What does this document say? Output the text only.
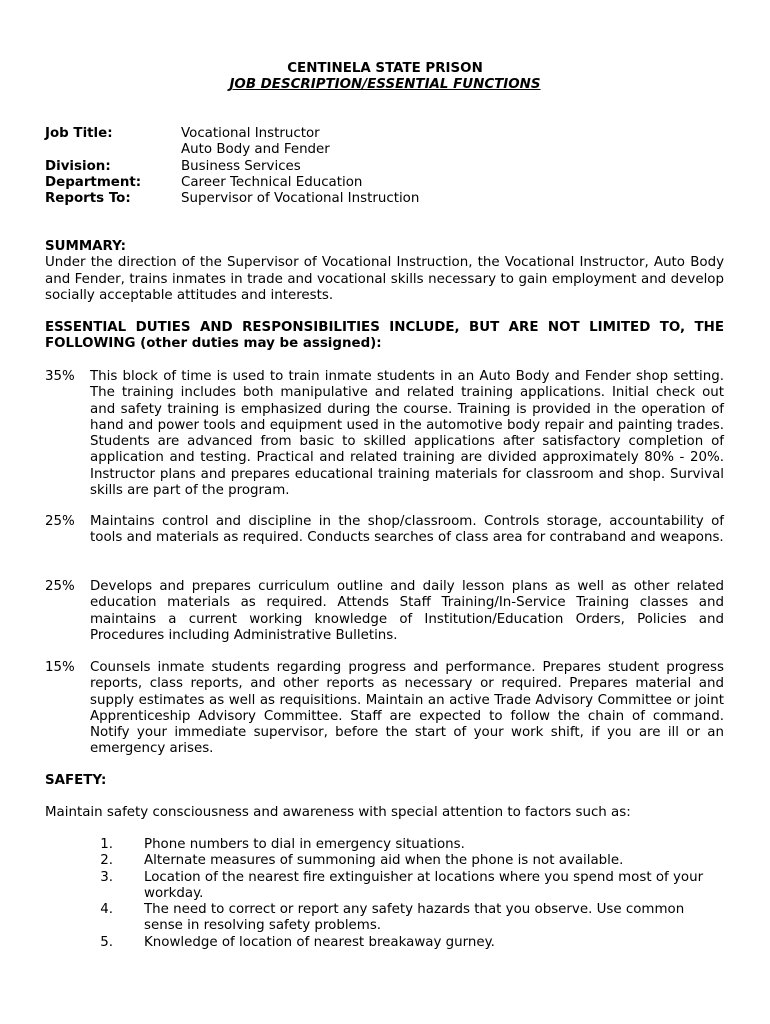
CENTINELA STATE PRISON
JOB DESCRIPTION/ESSENTIAL FUNCTIONS
Job Title:	Vocational Instructor
Auto Body and Fender
Division:	Business Services
Department:	Career Technical Education
Reports To:	Supervisor of Vocational Instruction
SUMMARY:
Under the direction of the Supervisor of Vocational Instruction, the Vocational Instructor, Auto Body and Fender, trains inmates in trade and vocational skills necessary to gain employment and develop socially acceptable attitudes and interests.
ESSENTIAL DUTIES AND RESPONSIBILITIES INCLUDE, BUT ARE NOT LIMITED TO, THE FOLLOWING (other duties may be assigned):
35%	This block of time is used to train inmate students in an Auto Body and Fender shop setting. The training includes both manipulative and related training applications. Initial check out and safety training is emphasized during the course. Training is provided in the operation of hand and power tools and equipment used in the automotive body repair and painting trades. Students are advanced from basic to skilled applications after satisfactory completion of application and testing. Practical and related training are divided approximately 80% - 20%. Instructor plans and prepares educational training materials for classroom and shop. Survival skills are part of the program.
25%	Maintains control and discipline in the shop/classroom. Controls storage, accountability of tools and materials as required. Conducts searches of class area for contraband and weapons.
25%	Develops and prepares curriculum outline and daily lesson plans as well as other related education materials as required. Attends Staff Training/In-Service Training classes and maintains a current working knowledge of Institution/Education Orders, Policies and Procedures including Administrative Bulletins.
15%	Counsels inmate students regarding progress and performance. Prepares student progress reports, class reports, and other reports as necessary or required. Prepares material and supply estimates as well as requisitions. Maintain an active Trade Advisory Committee or joint Apprenticeship Advisory Committee. Staff are expected to follow the chain of command. Notify your immediate supervisor, before the start of your work shift, if you are ill or an emergency arises.
SAFETY:
Maintain safety consciousness and awareness with special attention to factors such as:
1. Phone numbers to dial in emergency situations.
2. Alternate measures of summoning aid when the phone is not available.
3. Location of the nearest fire extinguisher at locations where you spend most of your workday.
4. The need to correct or report any safety hazards that you observe. Use common sense in resolving safety problems.
5. Knowledge of location of nearest breakaway gurney.
